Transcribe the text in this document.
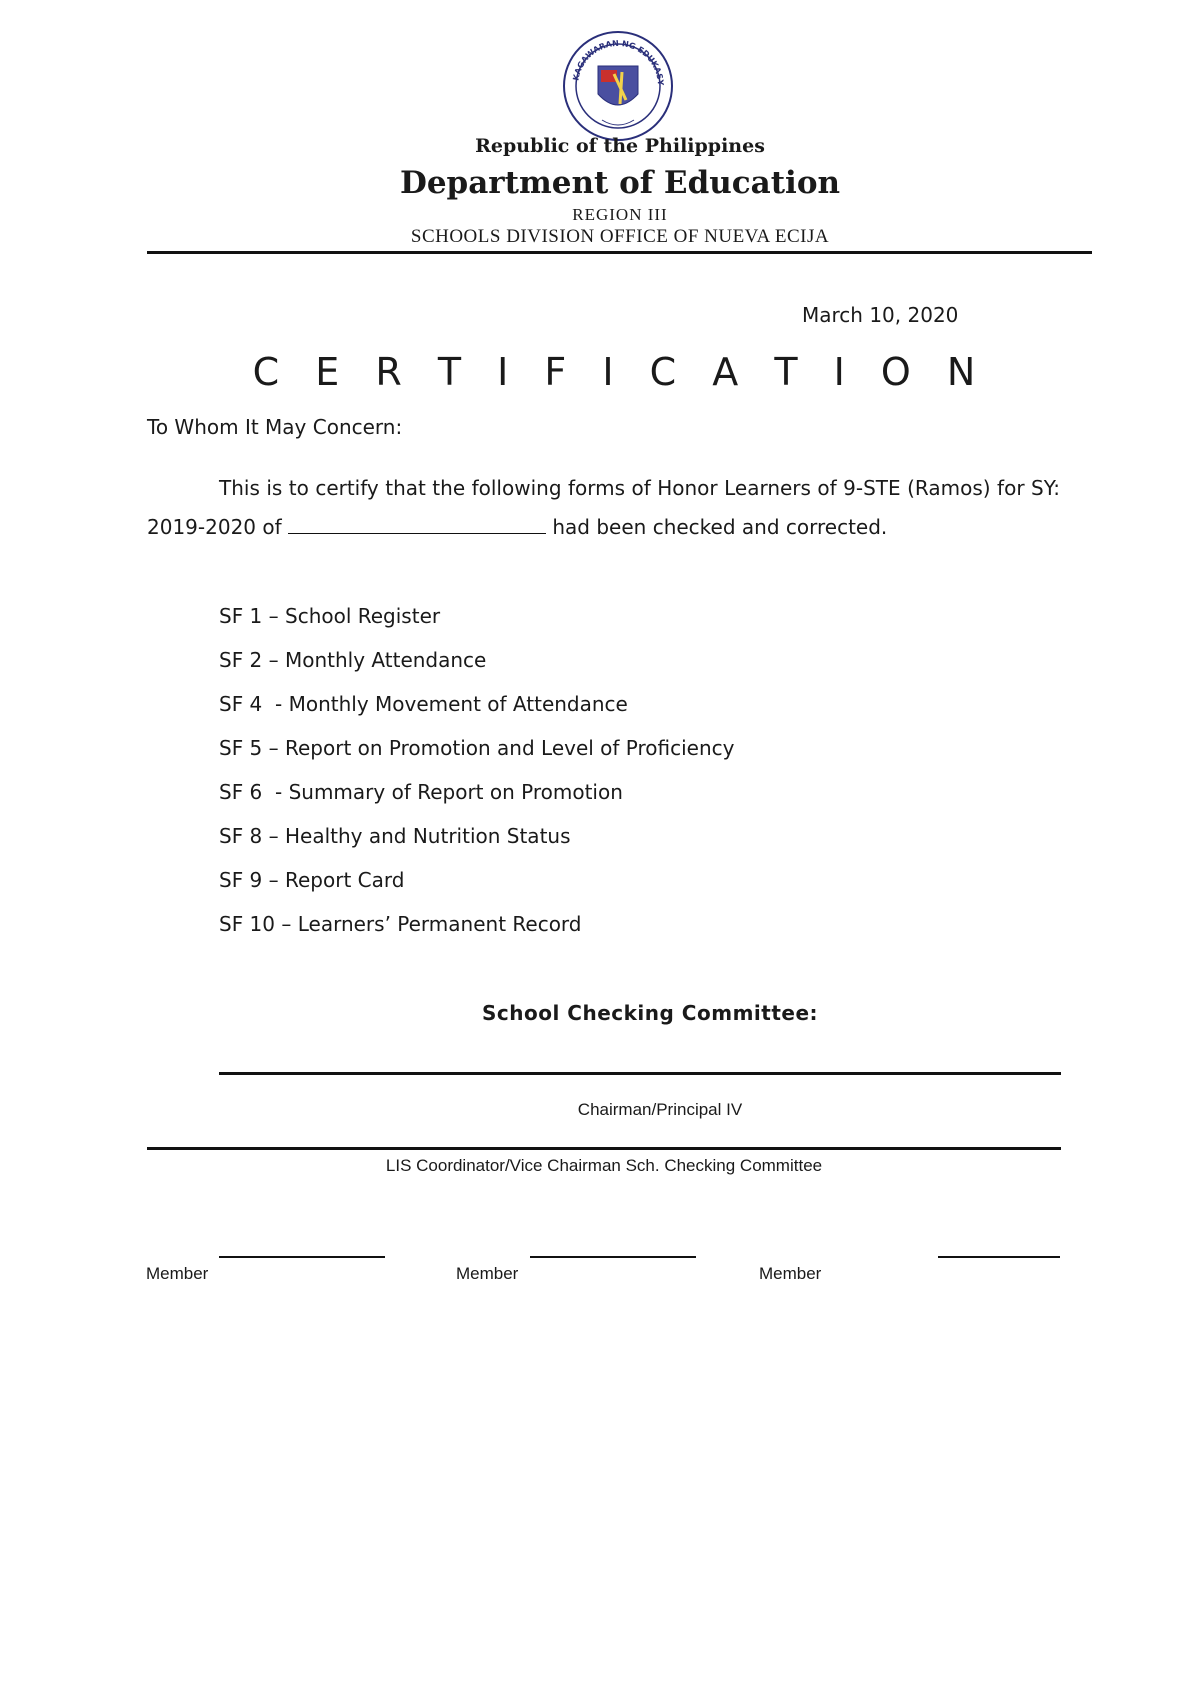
KAGAWARAN NG EDUKASY
Republic of the Philippines
Department of Education
REGION III
SCHOOLS DIVISION OFFICE OF NUEVA ECIJA
March 10, 2020
C E R T I F I C A T I O N
To Whom It May Concern:
This is to certify that the following forms of Honor Learners of 9-STE (Ramos) for SY: 2019-2020 of	had been checked and corrected.
SF 1 – School Register
SF 2 – Monthly Attendance
SF 4  - Monthly Movement of Attendance
SF 5 – Report on Promotion and Level of Proficiency
SF 6  - Summary of Report on Promotion
SF 8 – Healthy and Nutrition Status
SF 9 – Report Card
SF 10 – Learners’ Permanent Record
School Checking Committee:
Chairman/Principal IV
LIS Coordinator/Vice Chairman Sch. Checking Committee
Member	Member	Member
